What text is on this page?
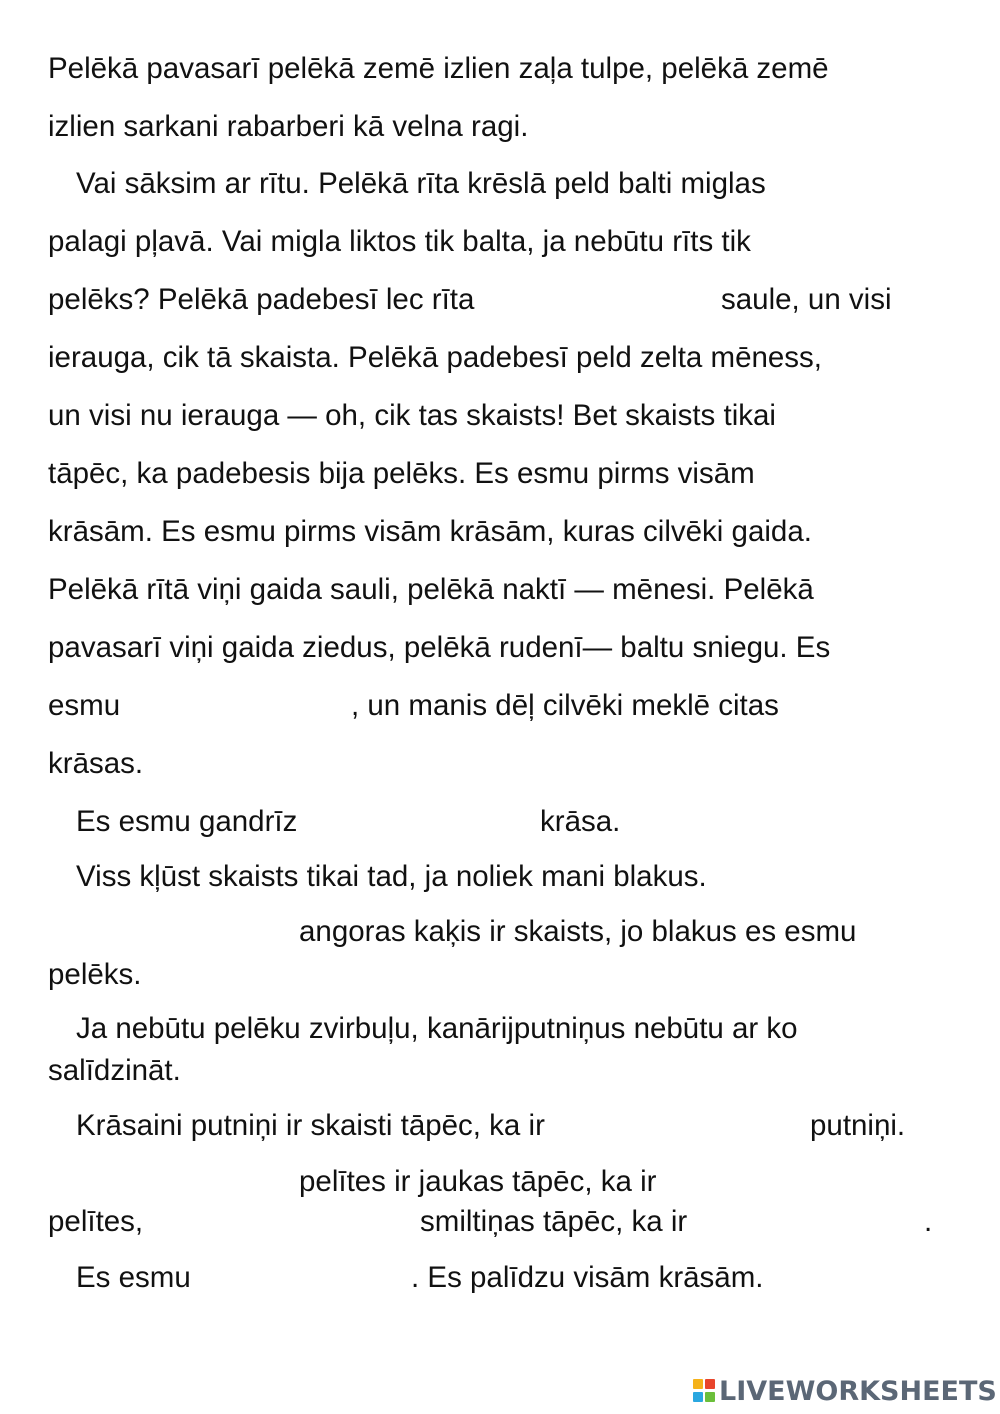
Pelēkā pavasarī pelēkā zemē izlien zaļa tulpe, pelēkā zemē
izlien sarkani rabarberi kā velna ragi.
Vai sāksim ar rītu. Pelēkā rīta krēslā peld balti miglas
palagi pļavā. Vai migla liktos tik balta, ja nebūtu rīts tik
pelēks? Pelēkā padebesī lec rīta	saule, un visi
ierauga, cik tā skaista. Pelēkā padebesī peld zelta mēness,
un visi nu ierauga — oh, cik tas skaists! Bet skaists tikai
tāpēc, ka padebesis bija pelēks. Es esmu pirms visām
krāsām. Es esmu pirms visām krāsām, kuras cilvēki gaida.
Pelēkā rītā viņi gaida sauli, pelēkā naktī — mēnesi. Pelēkā
pavasarī viņi gaida ziedus, pelēkā rudenī— baltu sniegu. Es
esmu	, un manis dēļ cilvēki meklē citas
krāsas.
Es esmu gandrīz	krāsa.
Viss kļūst skaists tikai tad, ja noliek mani blakus.
angoras kaķis ir skaists, jo blakus es esmu
pelēks.
Ja nebūtu pelēku zvirbuļu, kanārijputniņus nebūtu ar ko
salīdzināt.
Krāsaini putniņi ir skaisti tāpēc, ka ir	putniņi.
pelītes ir jaukas tāpēc, ka ir
pelītes,	smiltiņas tāpēc, ka ir	.
Es esmu	. Es palīdzu visām krāsām.
LIVEWORKSHEETS
